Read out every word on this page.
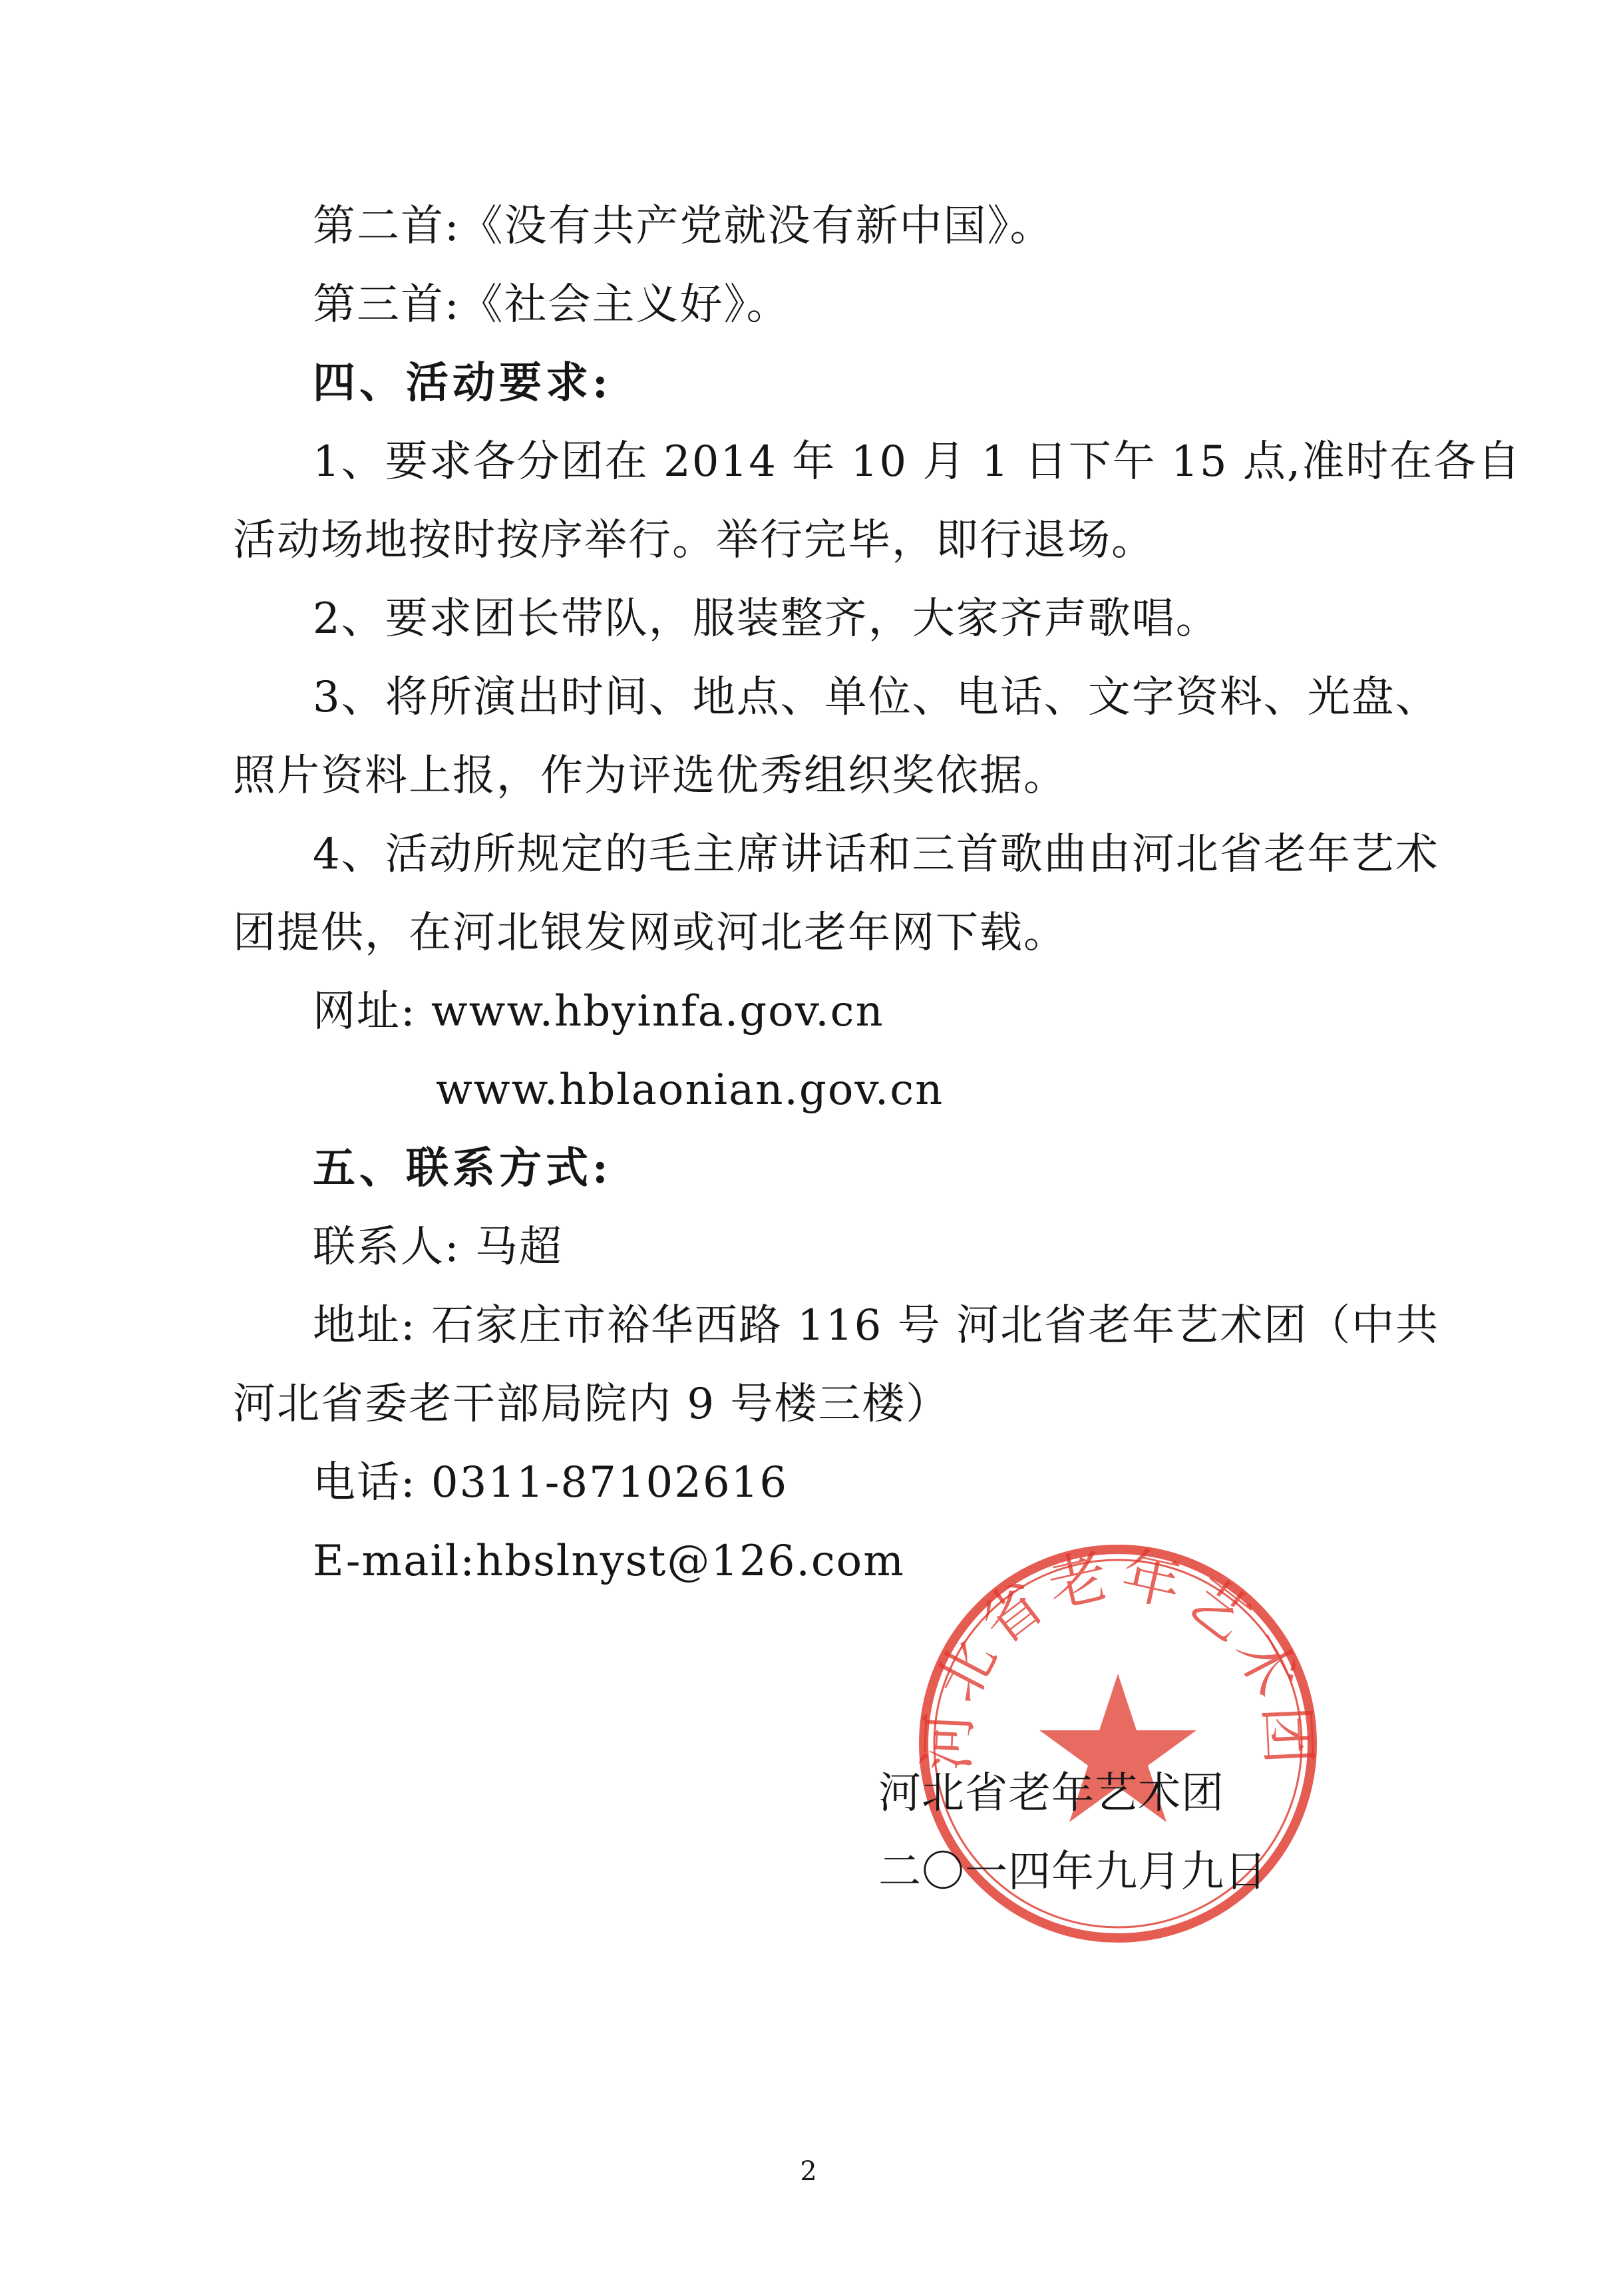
第二首:《没有共产党就没有新中国》。
第三首:《社会主义好》。
四、活动要求:
1、要求各分团在 2014 年 10 月 1 日下午 15 点,准时在各自
活动场地按时按序举行。举行完毕，即行退场。
2、要求团长带队，服装整齐，大家齐声歌唱。
3、将所演出时间、地点、单位、电话、文字资料、光盘、
照片资料上报，作为评选优秀组织奖依据。
4、活动所规定的毛主席讲话和三首歌曲由河北省老年艺术
团提供，在河北银发网或河北老年网下载。
网址: www.hbyinfa.gov.cn
www.hblaonian.gov.cn
五、联系方式:
联系人: 马超
地址: 石家庄市裕华西路 116 号 河北省老年艺术团（中共
河北省委老干部局院内 9 号楼三楼）
电话: 0311-87102616
E-mail:hbslnyst@126.com
河北省老年艺术团
河北省老年艺术团
二〇一四年九月九日
2
